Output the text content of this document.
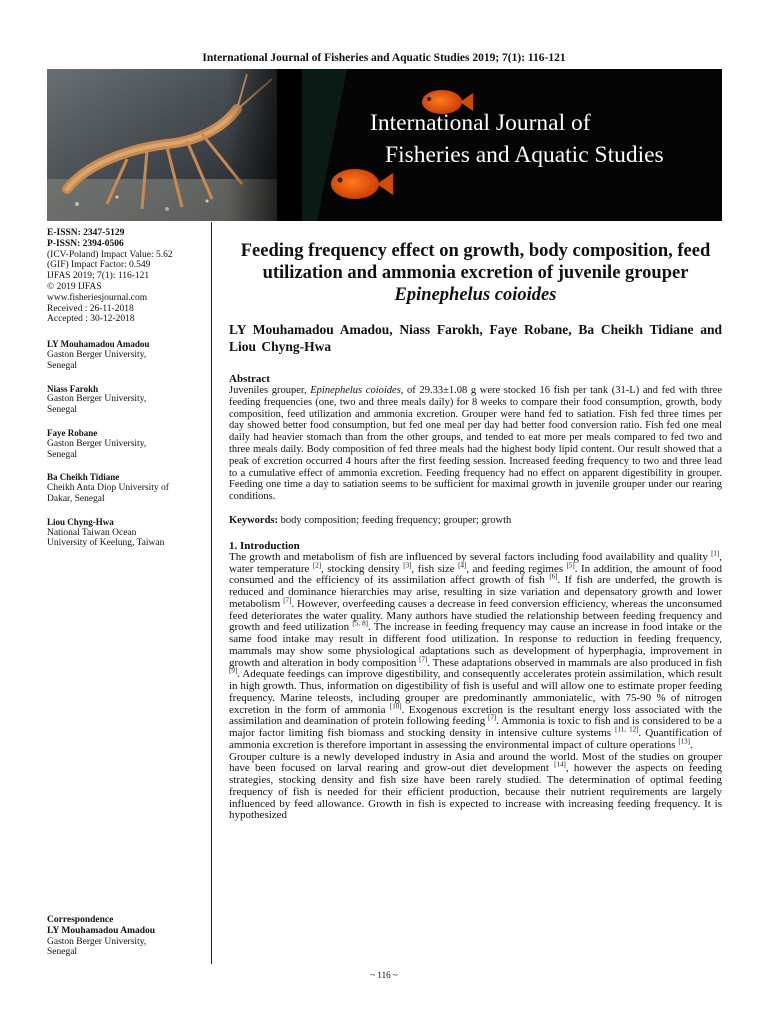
International Journal of Fisheries and Aquatic Studies 2019; 7(1): 116-121
International Journal of
Fisheries and Aquatic Studies
E-ISSN: 2347-5129
P-ISSN: 2394-0506
(ICV-Poland) Impact Value: 5.62
(GIF) Impact Factor: 0.549
IJFAS 2019; 7(1): 116-121
© 2019 IJFAS
www.fisheriesjournal.com
Received : 26-11-2018
Accepted : 30-12-2018
LY Mouhamadou Amadou
Gaston Berger University,
Senegal
Niass Farokh
Gaston Berger University,
Senegal
Faye Robane
Gaston Berger University,
Senegal
Ba Cheikh Tidiane
Cheikh Anta Diop University of
Dakar, Senegal
Liou Chyng-Hwa
National Taiwan Ocean
University of Keelung, Taiwan
Correspondence
LY Mouhamadou Amadou
Gaston Berger University,
Senegal
Feeding frequency effect on growth, body composition, feed utilization and ammonia excretion of juvenile grouper Epinephelus coioides
LY Mouhamadou Amadou, Niass Farokh, Faye Robane, Ba Cheikh Tidiane and Liou Chyng-Hwa
Abstract

Juveniles grouper, Epinephelus coioides, of 29.33±1.08 g were stocked 16 fish per tank (31-L) and fed with three feeding frequencies (one, two and three meals daily) for 8 weeks to compare their food consumption, growth, body composition, feed utilization and ammonia excretion. Grouper were hand fed to satiation. Fish fed three times per day showed better food consumption, but fed one meal per day had better food conversion ratio. Fish fed one meal daily had heavier stomach than from the other groups, and tended to eat more per meals compared to fed two and three meals daily. Body composition of fed three meals had the highest body lipid content. Our result showed that a peak of excretion occurred 4 hours after the first feeding session. Increased feeding frequency to two and three lead to a cumulative effect of ammonia excretion. Feeding frequency had no effect on apparent digestibility in grouper. Feeding one time a day to satiation seems to be sufficient for maximal growth in juvenile grouper under our rearing conditions.

Keywords: body composition; feeding frequency; grouper; growth
1. Introduction

The growth and metabolism of fish are influenced by several factors including food availability and quality [1], water temperature [2], stocking density [3], fish size [4], and feeding regimes [5]. In addition, the amount of food consumed and the efficiency of its assimilation affect growth of fish [6]. If fish are underfed, the growth is reduced and dominance hierarchies may arise, resulting in size variation and depensatory growth and lower metabolism [7]. However, overfeeding causes a decrease in feed conversion efficiency, whereas the unconsumed feed deteriorates the water quality. Many authors have studied the relationship between feeding frequency and growth and feed utilization [5, 8]. The increase in feeding frequency may cause an increase in food intake or the same food intake may result in different food utilization. In response to reduction in feeding frequency, mammals may show some physiological adaptations such as development of hyperphagia, improvement in growth and alteration in body composition [7]. These adaptations observed in mammals are also produced in fish [9]. Adequate feedings can improve digestibility, and consequently accelerates protein assimilation, which result in high growth. Thus, information on digestibility of fish is useful and will allow one to estimate proper feeding frequency. Marine teleosts, including grouper are predominantly ammoniatelic, with 75-90 % of nitrogen excretion in the form of ammonia [10]. Exogenous excretion is the resultant energy loss associated with the assimilation and deamination of protein following feeding [7]. Ammonia is toxic to fish and is considered to be a major factor limiting fish biomass and stocking density in intensive culture systems [11, 12]. Quantification of ammonia excretion is therefore important in assessing the environmental impact of culture operations [13].

Grouper culture is a newly developed industry in Asia and around the world. Most of the studies on grouper have been focused on larval rearing and grow-out diet development [14], however the aspects on feeding strategies, stocking density and fish size have been rarely studied. The determination of optimal feeding frequency of fish is needed for their efficient production, because their nutrient requirements are largely influenced by feed allowance. Growth in fish is expected to increase with increasing feeding frequency. It is hypothesized

~ 116 ~
